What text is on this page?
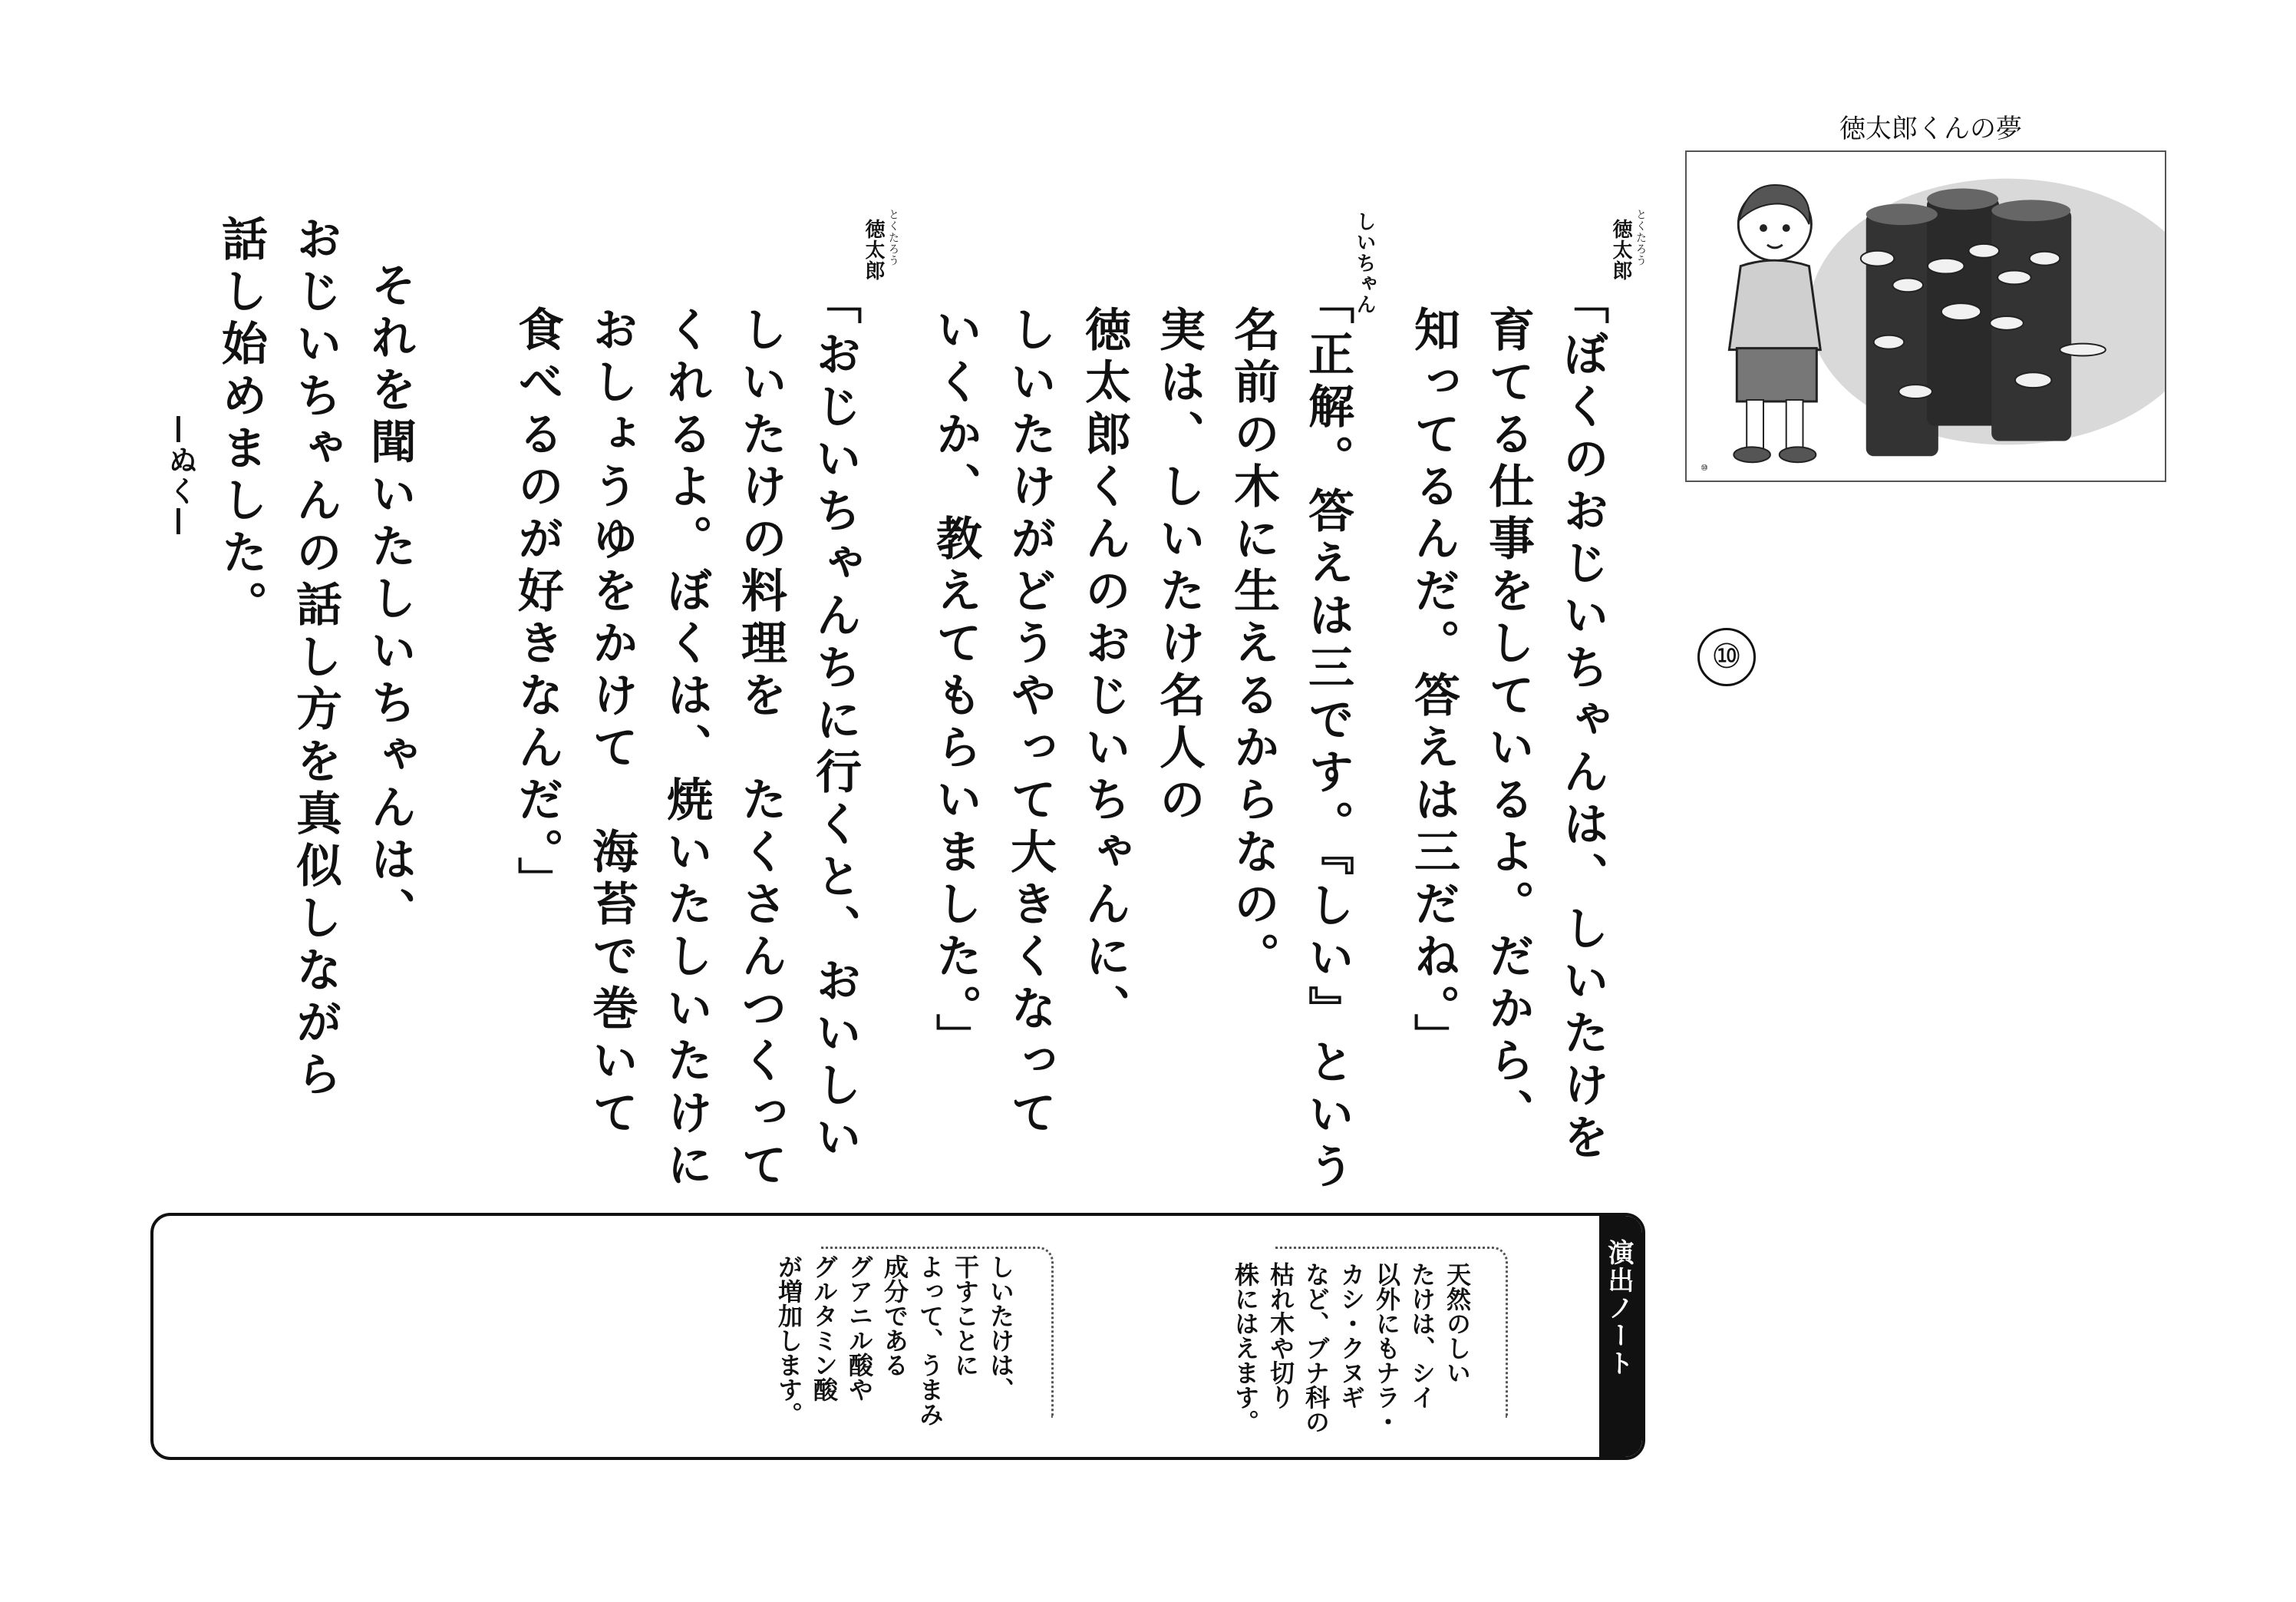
⑩
徳太郎くんの夢
⑩
徳太郎 とくたろう
しいちゃん
徳太郎 とくたろう
「ぼくのおじいちゃんは、しいたけを
育てる仕事をしているよ。だから、
知ってるんだ。答えは三だね。」
「正解。答えは三です。『しい』という
名前の木に生えるからなの。
実は、しいたけ名人の
徳太郎くんのおじいちゃんに、
しいたけがどうやって大きくなって
いくか、教えてもらいました。」
「おじいちゃんちに行くと、おいしい
しいたけの料理を　たくさんつくって
くれるよ。ぼくは、焼いたしいたけに
おしょうゆをかけて　海苔で巻いて
食べるのが好きなんだ。」
それを聞いたしいちゃんは、
おじいちゃんの話し方を真似しながら
話し始めました。
—ぬく—
演出ノート
天然のしい
たけは、シイ
以外にもナラ・
カシ・クヌギ
など、ブナ科の
枯れ木や切り
株にはえます。
しいたけは、
干すことに
よって、うまみ
成分である
グアニル酸や
グルタミン酸
が増加します。
